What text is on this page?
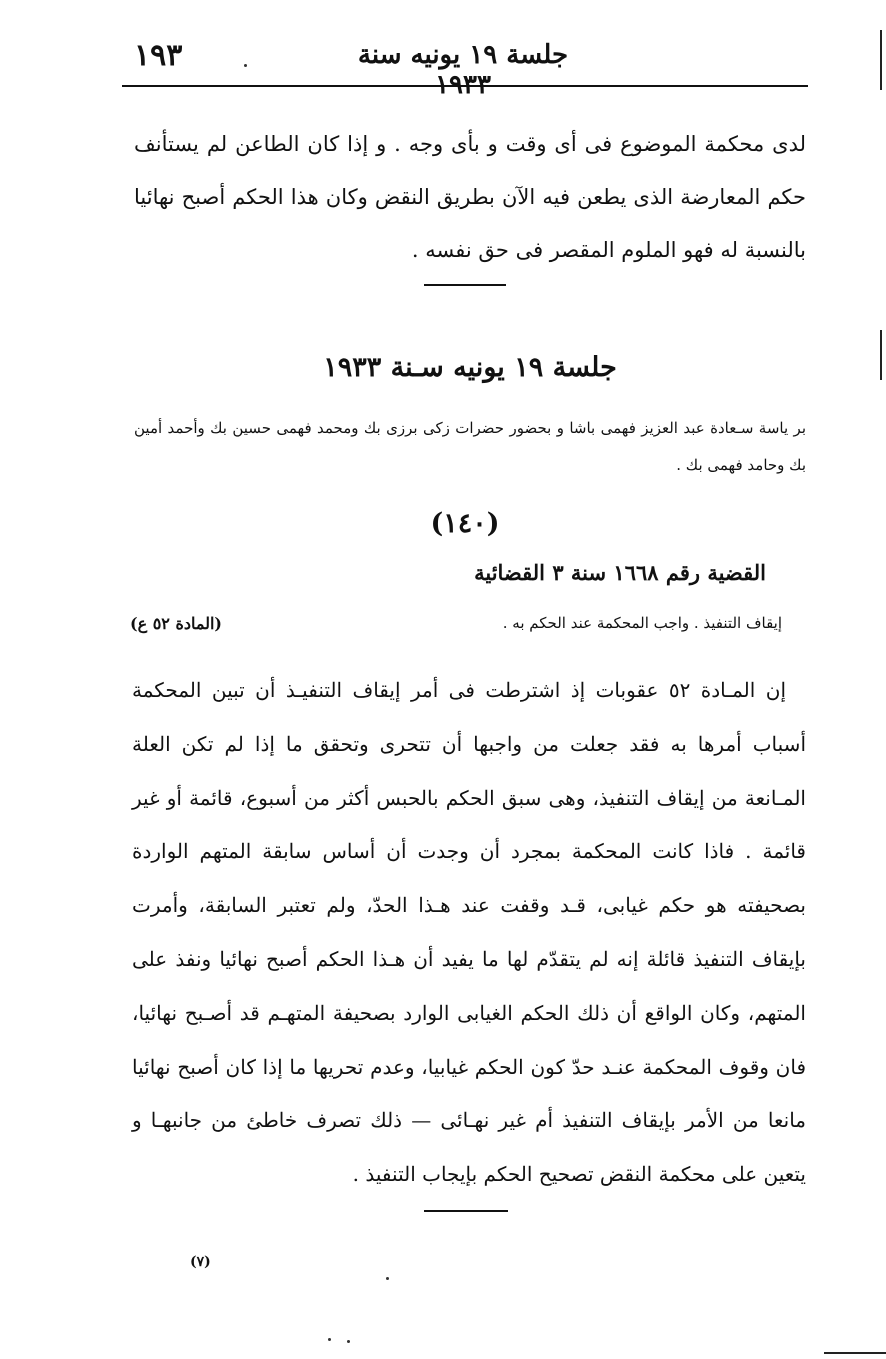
١٩٣	جلسة ١٩ يونيه سنة ١٩٣٣
لدى محكمة الموضوع فى أى وقت و بأى وجه . و إذا كان الطاعن لم يستأنف حكم المعارضة الذى يطعن فيه الآن بطريق النقض وكان هذا الحكم أصبح نهائيا بالنسبة له فهو الملوم المقصر فى حق نفسه .
جلسة ١٩ يونيه سـنة ١٩٣٣
بر ياسة سـعادة عبد العزيز فهمى باشا و بحضور حضرات زكى برزى بك ومحمد فهمى حسين بك وأحمد أمين بك وحامد فهمى بك .
(١٤٠)
القضية رقم ١٦٦٨ سنة ٣ القضائية
إيقاف التنفيذ . واجب المحكمة عند الحكم به .
(المادة ٥٢ ع)
إن المـادة ٥٢ عقوبات إذ اشترطت فى أمر إيقاف التنفيـذ أن تبين المحكمة أسباب أمرها به فقد جعلت من واجبها أن تتحرى وتحقق ما إذا لم تكن العلة المـانعة من إيقاف التنفيذ، وهى سبق الحكم بالحبس أكثر من أسبوع، قائمة أو غير قائمة . فاذا كانت المحكمة بمجرد أن وجدت أن أساس سابقة المتهم الواردة بصحيفته هو حكم غيابى، قـد وقفت عند هـذا الحدّ، ولم تعتبر السابقة، وأمرت بإيقاف التنفيذ قائلة إنه لم يتقدّم لها ما يفيد أن هـذا الحكم أصبح نهائيا ونفذ على المتهم، وكان الواقع أن ذلك الحكم الغيابى الوارد بصحيفة المتهـم قد أصـبح نهائيا، فان وقوف المحكمة عنـد حدّ كون الحكم غيابيا، وعدم تحريها ما إذا كان أصبح نهائيا مانعا من الأمر بإيقاف التنفيذ أم غير نهـائى — ذلك تصرف خاطئ من جانبهـا و يتعين على محكمة النقض تصحيح الحكم بإيجاب التنفيذ .
(٧)
